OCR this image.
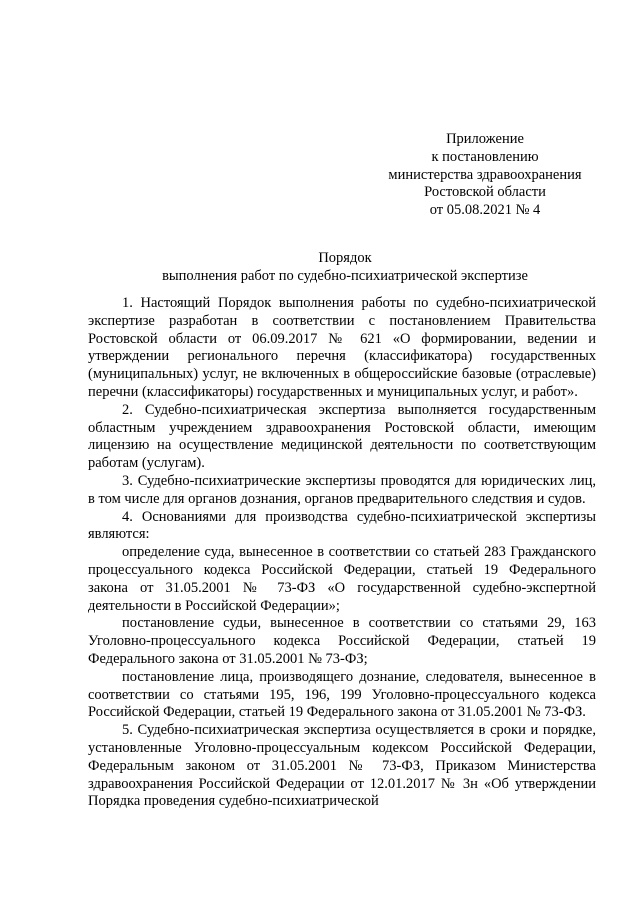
Приложение
к постановлению
министерства здравоохранения
Ростовской области
от 05.08.2021 № 4
Порядок
выполнения работ по судебно-психиатрической экспертизе

1. Настоящий Порядок выполнения работы по судебно-психиатрической экспертизе разработан в соответствии с постановлением Правительства Ростовской области от 06.09.2017 № 621 «О формировании, ведении и утверждении регионального перечня (классификатора) государственных (муниципальных) услуг, не включенных в общероссийские базовые (отраслевые) перечни (классификаторы) государственных и муниципальных услуг, и работ».

2. Судебно-психиатрическая экспертиза выполняется государственным областным учреждением здравоохранения Ростовской области, имеющим лицензию на осуществление медицинской деятельности по соответствующим работам (услугам).

3. Судебно-психиатрические экспертизы проводятся для юридических лиц, в том числе для органов дознания, органов предварительного следствия и судов.

4. Основаниями для производства судебно-психиатрической экспертизы являются:

определение суда, вынесенное в соответствии со статьей 283 Гражданского процессуального кодекса Российской Федерации, статьей 19 Федерального закона от 31.05.2001 № 73-ФЗ «О государственной судебно-экспертной деятельности в Российской Федерации»;

постановление судьи, вынесенное в соответствии со статьями 29, 163 Уголовно-процессуального кодекса Российской Федерации, статьей 19 Федерального закона от 31.05.2001 № 73-ФЗ;

постановление лица, производящего дознание, следователя, вынесенное в соответствии со статьями 195, 196, 199 Уголовно-процессуального кодекса Российской Федерации, статьей 19 Федерального закона от 31.05.2001 № 73-ФЗ.

5. Судебно-психиатрическая экспертиза осуществляется в сроки и порядке, установленные Уголовно-процессуальным кодексом Российской Федерации, Федеральным законом от 31.05.2001 № 73-ФЗ, Приказом Министерства здравоохранения Российской Федерации от 12.01.2017 № 3н «Об утверждении Порядка проведения судебно-психиатрической
